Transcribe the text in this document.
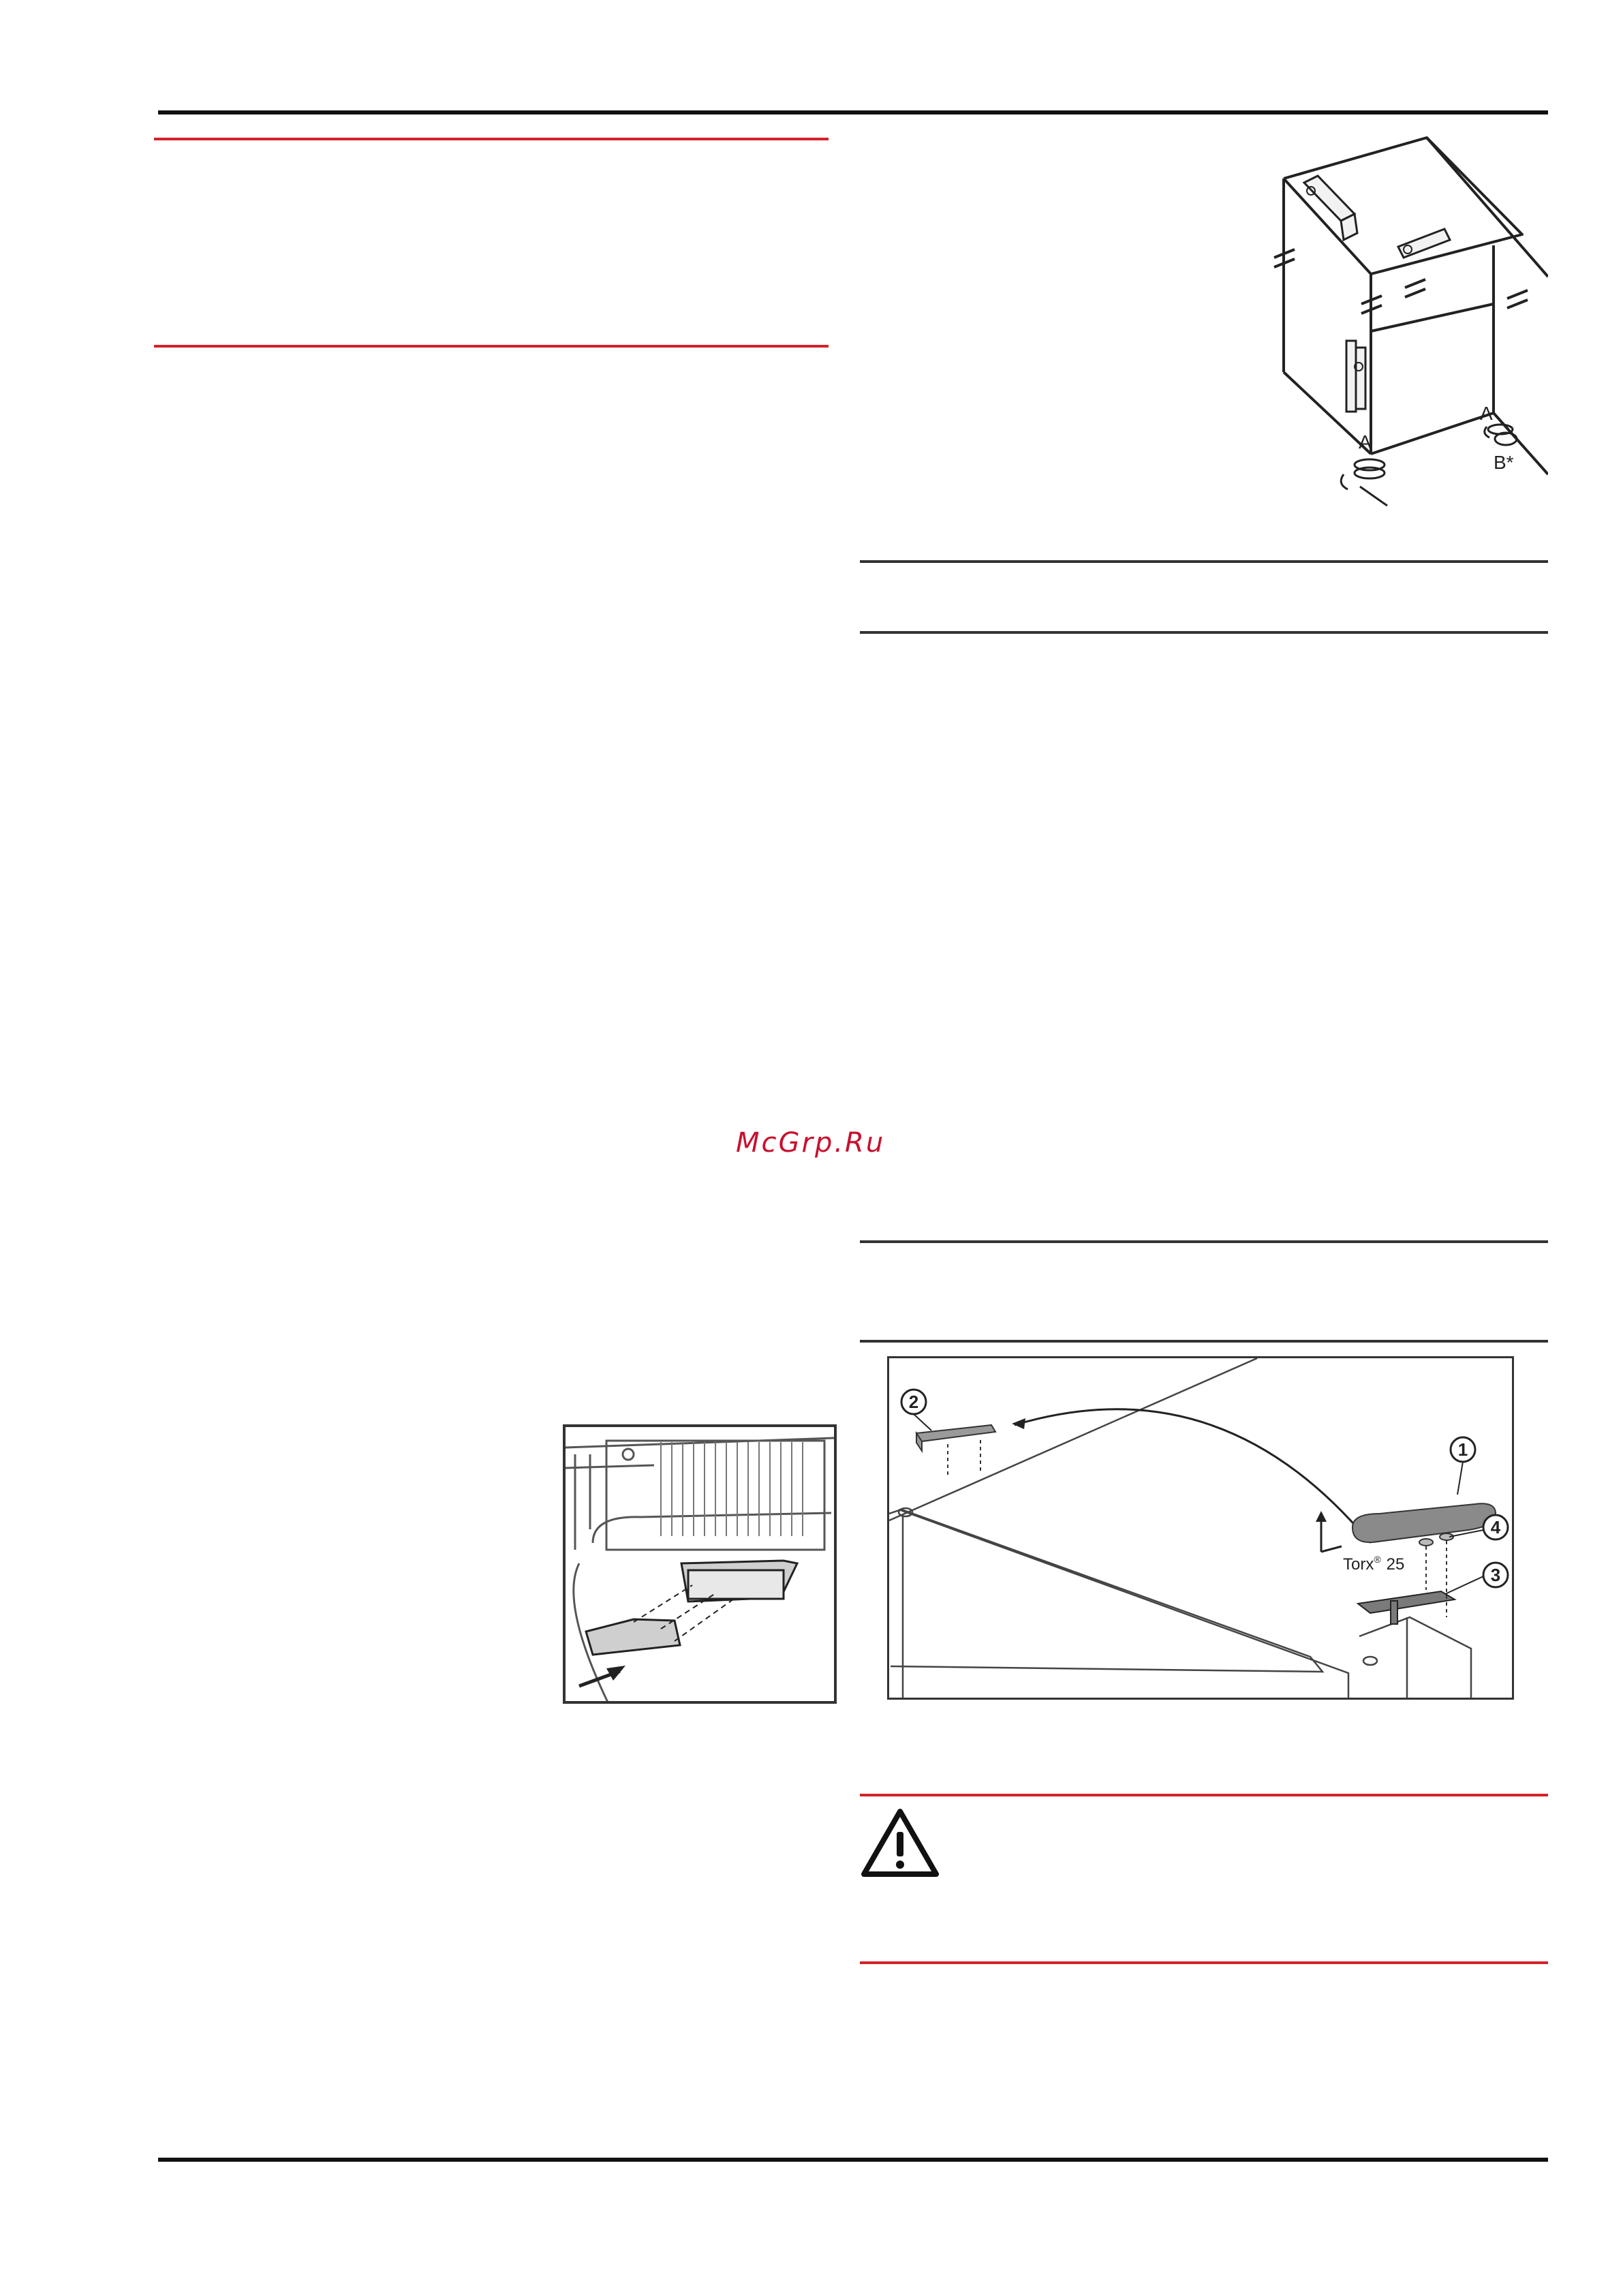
A
A
B*
McGrp.Ru
2
1
4
3
Torx® 25
